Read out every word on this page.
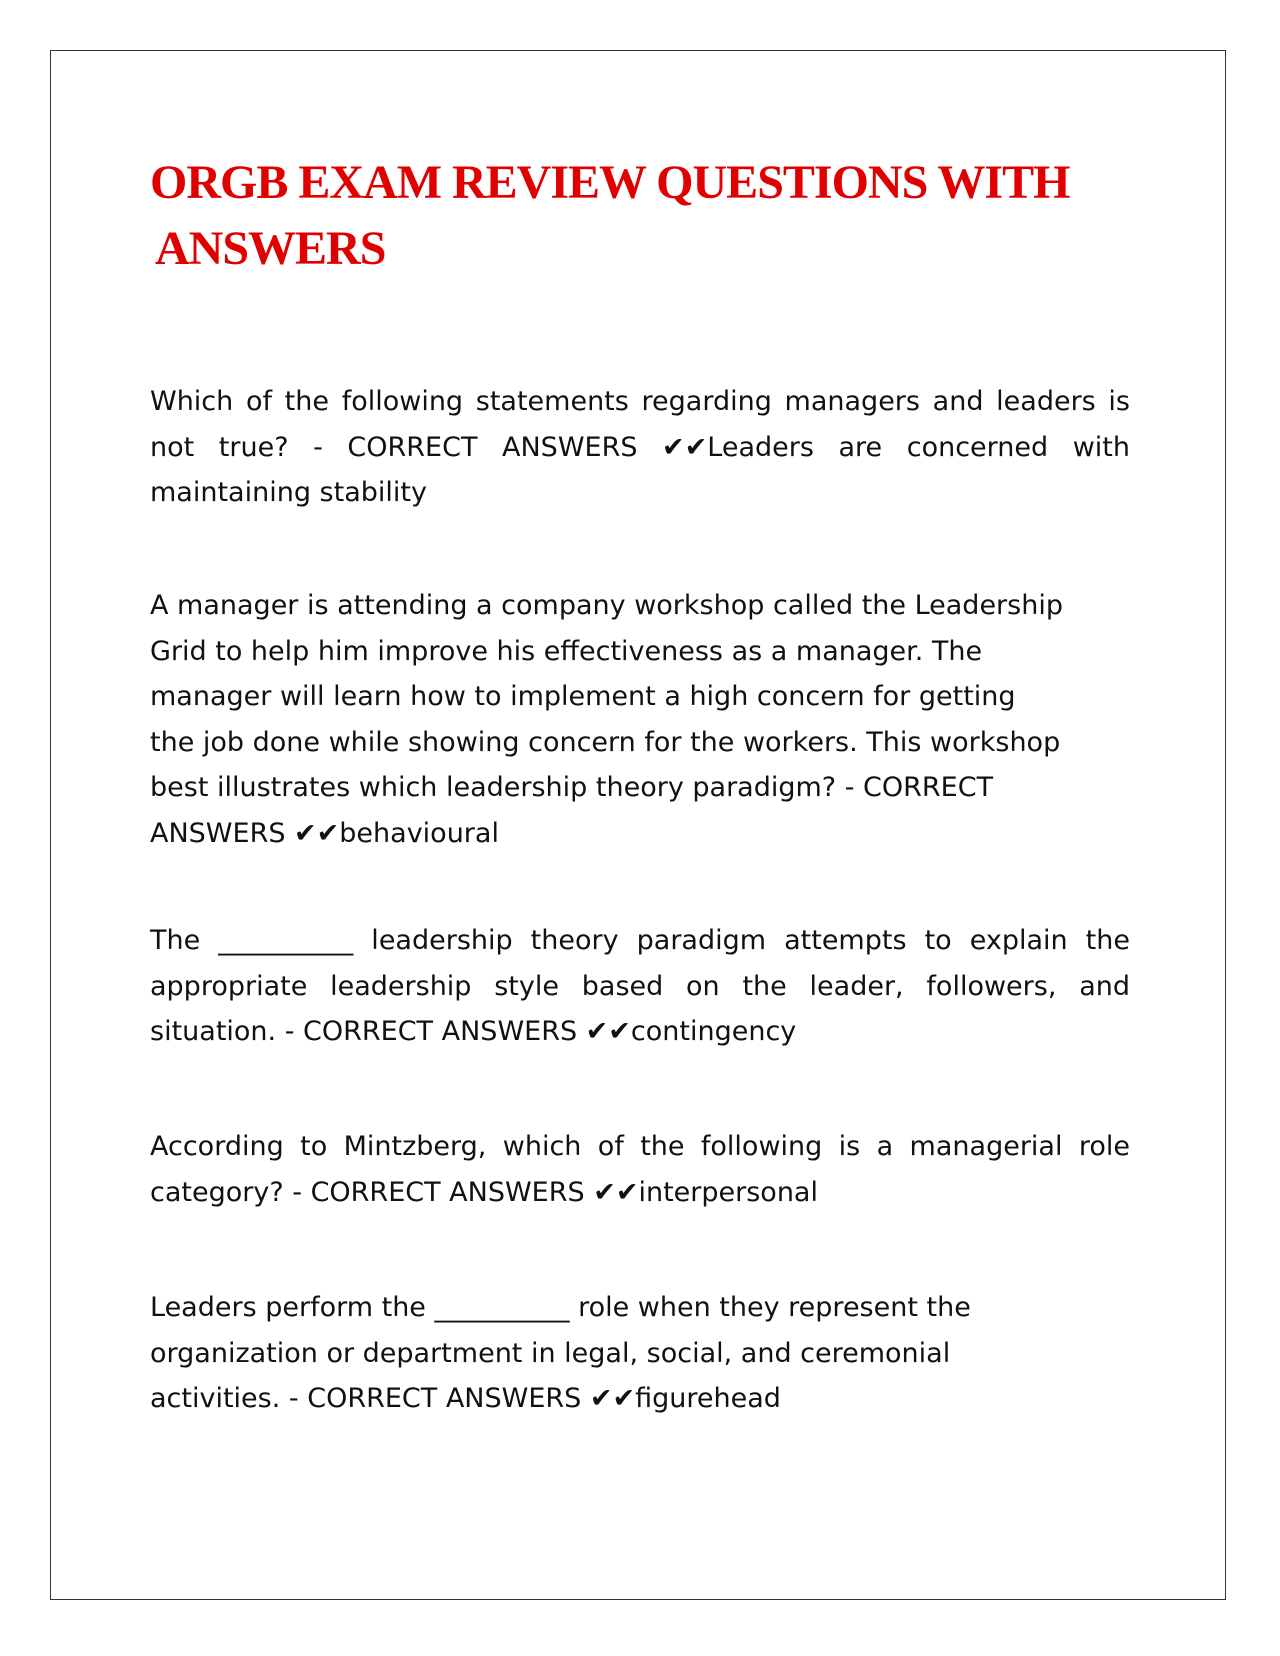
ORGB EXAM REVIEW QUESTIONS WITH
ANSWERS

Which of the following statements regarding managers and leaders is not true? - CORRECT ANSWERS ✔✔Leaders are concerned with maintaining stability

A manager is attending a company workshop called the Leadership
Grid to help him improve his effectiveness as a manager. The
manager will learn how to implement a high concern for getting
the job done while showing concern for the workers. This workshop
best illustrates which leadership theory paradigm? - CORRECT
ANSWERS ✔✔behavioural

The __________ leadership theory paradigm attempts to explain the appropriate leadership style based on the leader, followers, and situation. - CORRECT ANSWERS ✔✔contingency

According to Mintzberg, which of the following is a managerial role category? - CORRECT ANSWERS ✔✔interpersonal

Leaders perform the __________ role when they represent the
organization or department in legal, social, and ceremonial
activities. - CORRECT ANSWERS ✔✔figurehead
